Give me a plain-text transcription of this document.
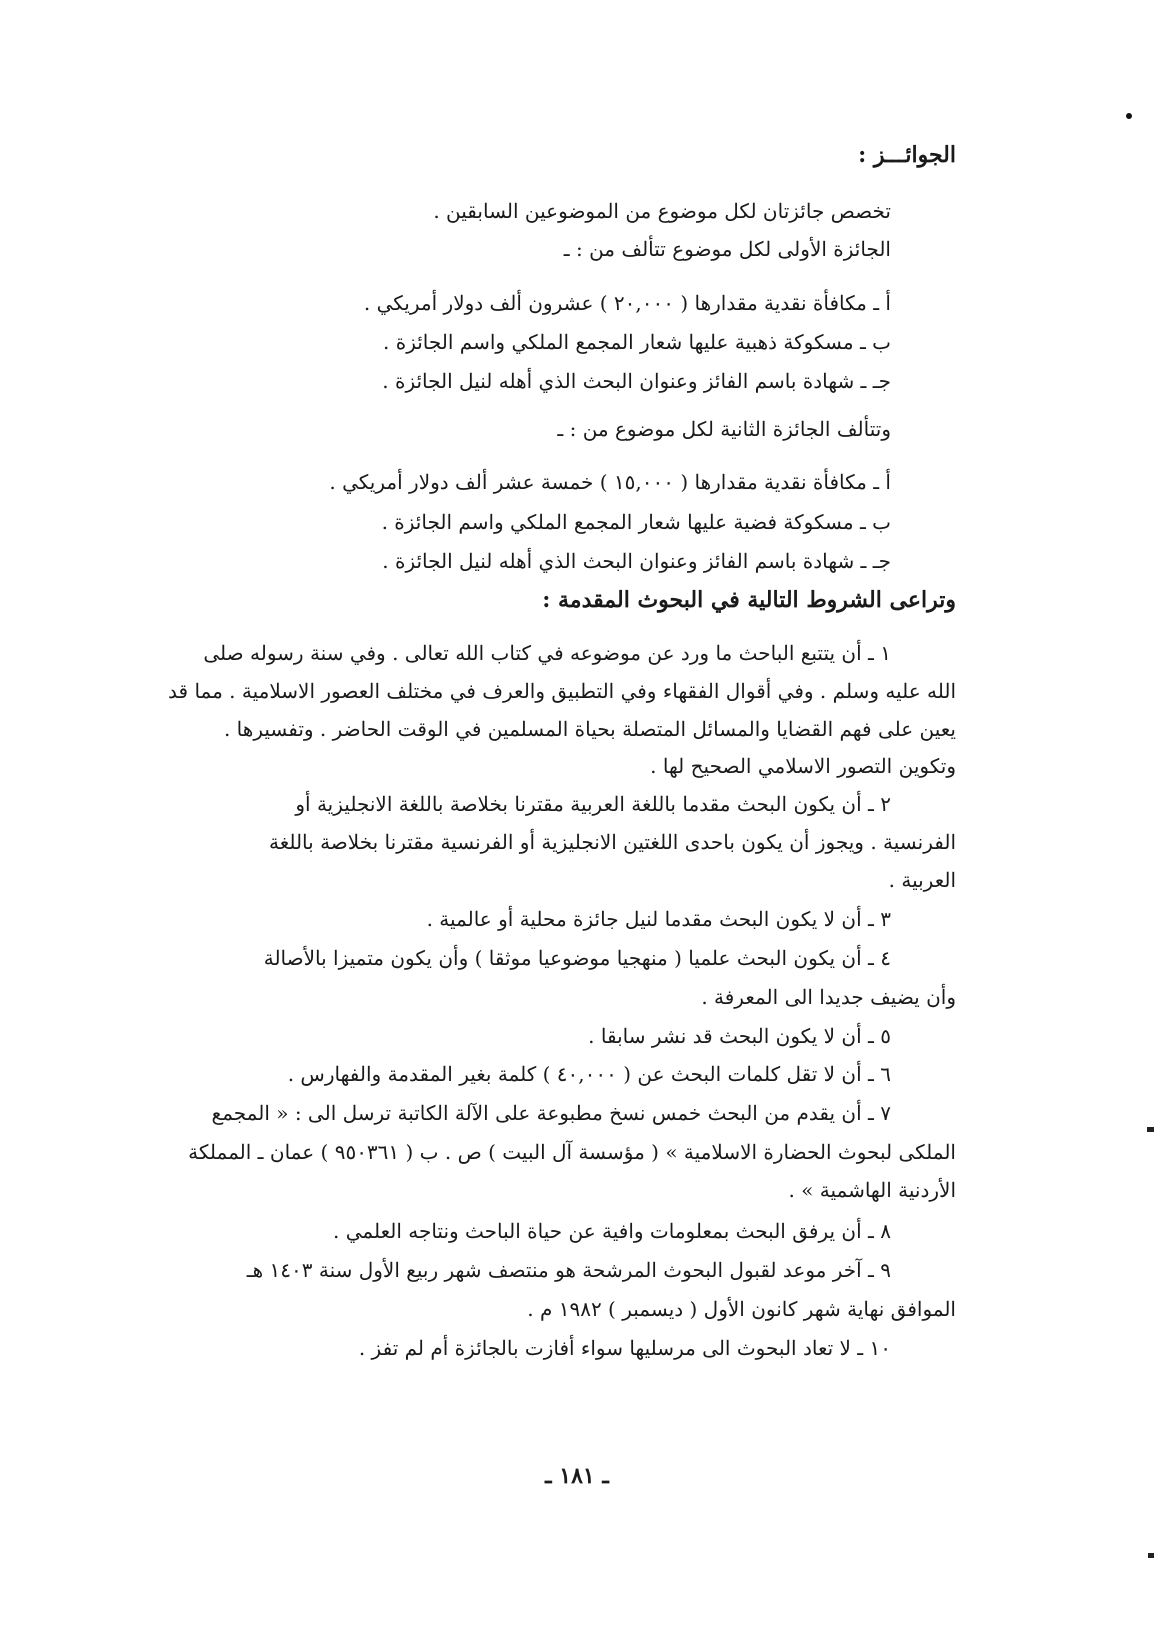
الجوائـــز :
تخصص جائزتان لكل موضوع من الموضوعين السابقين .
الجائزة الأولى لكل موضوع تتألف من : ـ
أ ـ مكافأة نقدية مقدارها ( ٢٠,٠٠٠ ) عشرون ألف دولار أمريكي .
ب ـ مسكوكة ذهبية عليها شعار المجمع الملكي واسم الجائزة .
جـ ـ شهادة باسم الفائز وعنوان البحث الذي أهله لنيل الجائزة .
وتتألف الجائزة الثانية لكل موضوع من : ـ
أ ـ مكافأة نقدية مقدارها ( ١٥,٠٠٠ ) خمسة عشر ألف دولار أمريكي .
ب ـ مسكوكة فضية عليها شعار المجمع الملكي واسم الجائزة .
جـ ـ شهادة باسم الفائز وعنوان البحث الذي أهله لنيل الجائزة .
وتراعى الشروط التالية في البحوث المقدمة :
١ ـ أن يتتبع الباحث ما ورد عن موضوعه في كتاب الله تعالى . وفي سنة رسوله صلى
الله عليه وسلم . وفي أقوال الفقهاء وفي التطبيق والعرف في مختلف العصور الاسلامية . مما قد
يعين على فهم القضايا والمسائل المتصلة بحياة المسلمين في الوقت الحاضر . وتفسيرها .
وتكوين التصور الاسلامي الصحيح لها .
٢ ـ أن يكون البحث مقدما باللغة العربية مقترنا بخلاصة باللغة الانجليزية أو
الفرنسية . ويجوز أن يكون باحدى اللغتين الانجليزية أو الفرنسية مقترنا بخلاصة باللغة
العربية .
٣ ـ أن لا يكون البحث مقدما لنيل جائزة محلية أو عالمية .
٤ ـ أن يكون البحث علميا ( منهجيا موضوعيا موثقا ) وأن يكون متميزا بالأصالة
وأن يضيف جديدا الى المعرفة .
٥ ـ أن لا يكون البحث قد نشر سابقا .
٦ ـ أن لا تقل كلمات البحث عن ( ٤٠,٠٠٠ ) كلمة بغير المقدمة والفهارس .
٧ ـ أن يقدم من البحث خمس نسخ مطبوعة على الآلة الكاتبة ترسل الى : « المجمع
الملكى لبحوث الحضارة الاسلامية » ( مؤسسة آل البيت ) ص . ب ( ٩٥٠٣٦١ ) عمان ـ المملكة
الأردنية الهاشمية » .
٨ ـ أن يرفق البحث بمعلومات وافية عن حياة الباحث ونتاجه العلمي .
٩ ـ آخر موعد لقبول البحوث المرشحة هو منتصف شهر ربيع الأول سنة ١٤٠٣ هـ
الموافق نهاية شهر كانون الأول ( ديسمبر ) ١٩٨٢ م .
١٠ ـ لا تعاد البحوث الى مرسليها سواء أفازت بالجائزة أم لم تفز .
ـ ١٨١ ـ
